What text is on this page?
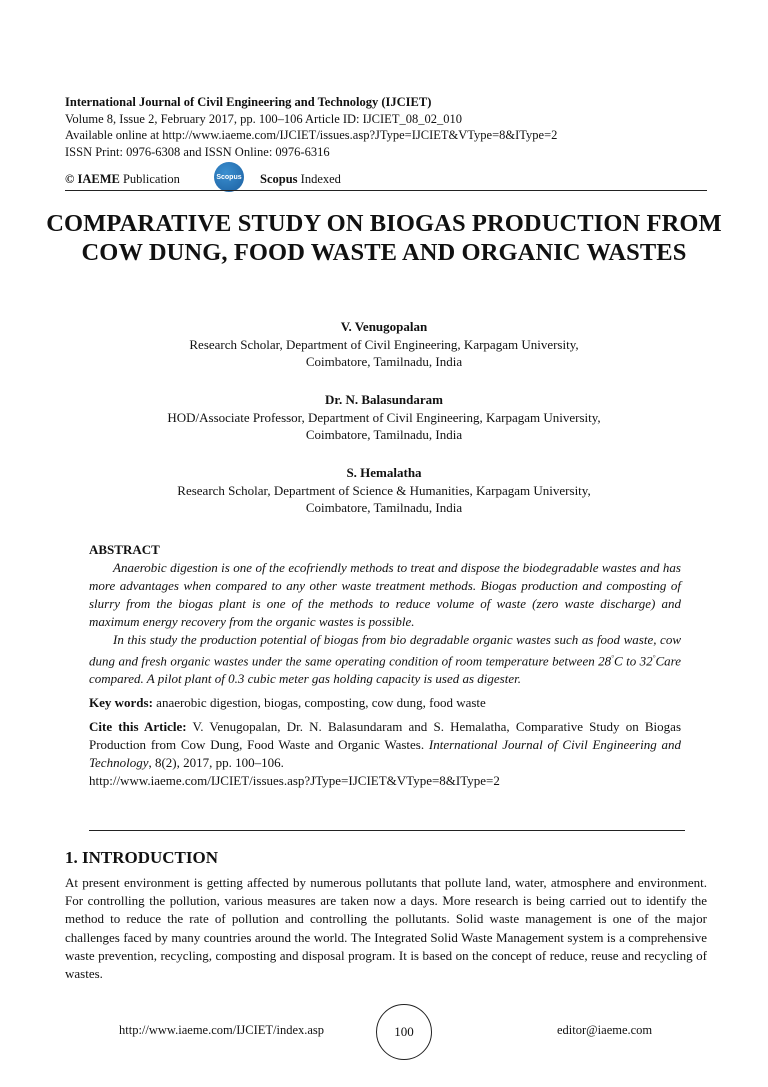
International Journal of Civil Engineering and Technology (IJCIET)
Volume 8, Issue 2, February 2017, pp. 100–106 Article ID: IJCIET_08_02_010
Available online at http://www.iaeme.com/IJCIET/issues.asp?JType=IJCIET&VType=8&IType=2
ISSN Print: 0976-6308 and ISSN Online: 0976-6316
© IAEME Publication	Scopus Scopus Indexed
COMPARATIVE STUDY ON BIOGAS PRODUCTION FROM COW DUNG, FOOD WASTE AND ORGANIC WASTES
V. Venugopalan
Research Scholar, Department of Civil Engineering, Karpagam University,
Coimbatore, Tamilnadu, India
Dr. N. Balasundaram
HOD/Associate Professor, Department of Civil Engineering, Karpagam University,
Coimbatore, Tamilnadu, India
S. Hemalatha
Research Scholar, Department of Science & Humanities, Karpagam University,
Coimbatore, Tamilnadu, India
ABSTRACT

Anaerobic digestion is one of the ecofriendly methods to treat and dispose the biodegradable wastes and has more advantages when compared to any other waste treatment methods. Biogas production and composting of slurry from the biogas plant is one of the methods to reduce volume of waste (zero waste discharge) and maximum energy recovery from the organic wastes is possible.

In this study the production potential of biogas from bio degradable organic wastes such as food waste, cow dung and fresh organic wastes under the same operating condition of room temperature between 28°C to 32°Care compared. A pilot plant of 0.3 cubic meter gas holding capacity is used as digester.

Key words: anaerobic digestion, biogas, composting, cow dung, food waste
Cite this Article: V. Venugopalan, Dr. N. Balasundaram and S. Hemalatha, Comparative Study on Biogas Production from Cow Dung, Food Waste and Organic Wastes. International Journal of Civil Engineering and Technology, 8(2), 2017, pp. 100–106.
http://www.iaeme.com/IJCIET/issues.asp?JType=IJCIET&VType=8&IType=2
1. INTRODUCTION
At present environment is getting affected by numerous pollutants that pollute land, water, atmosphere and environment. For controlling the pollution, various measures are taken now a days. More research is being carried out to identify the method to reduce the rate of pollution and controlling the pollutants. Solid waste management is one of the major challenges faced by many countries around the world. The Integrated Solid Waste Management system is a comprehensive waste prevention, recycling, composting and disposal program. It is based on the concept of reduce, reuse and recycling of wastes.
http://www.iaeme.com/IJCIET/index.asp	100	editor@iaeme.com
